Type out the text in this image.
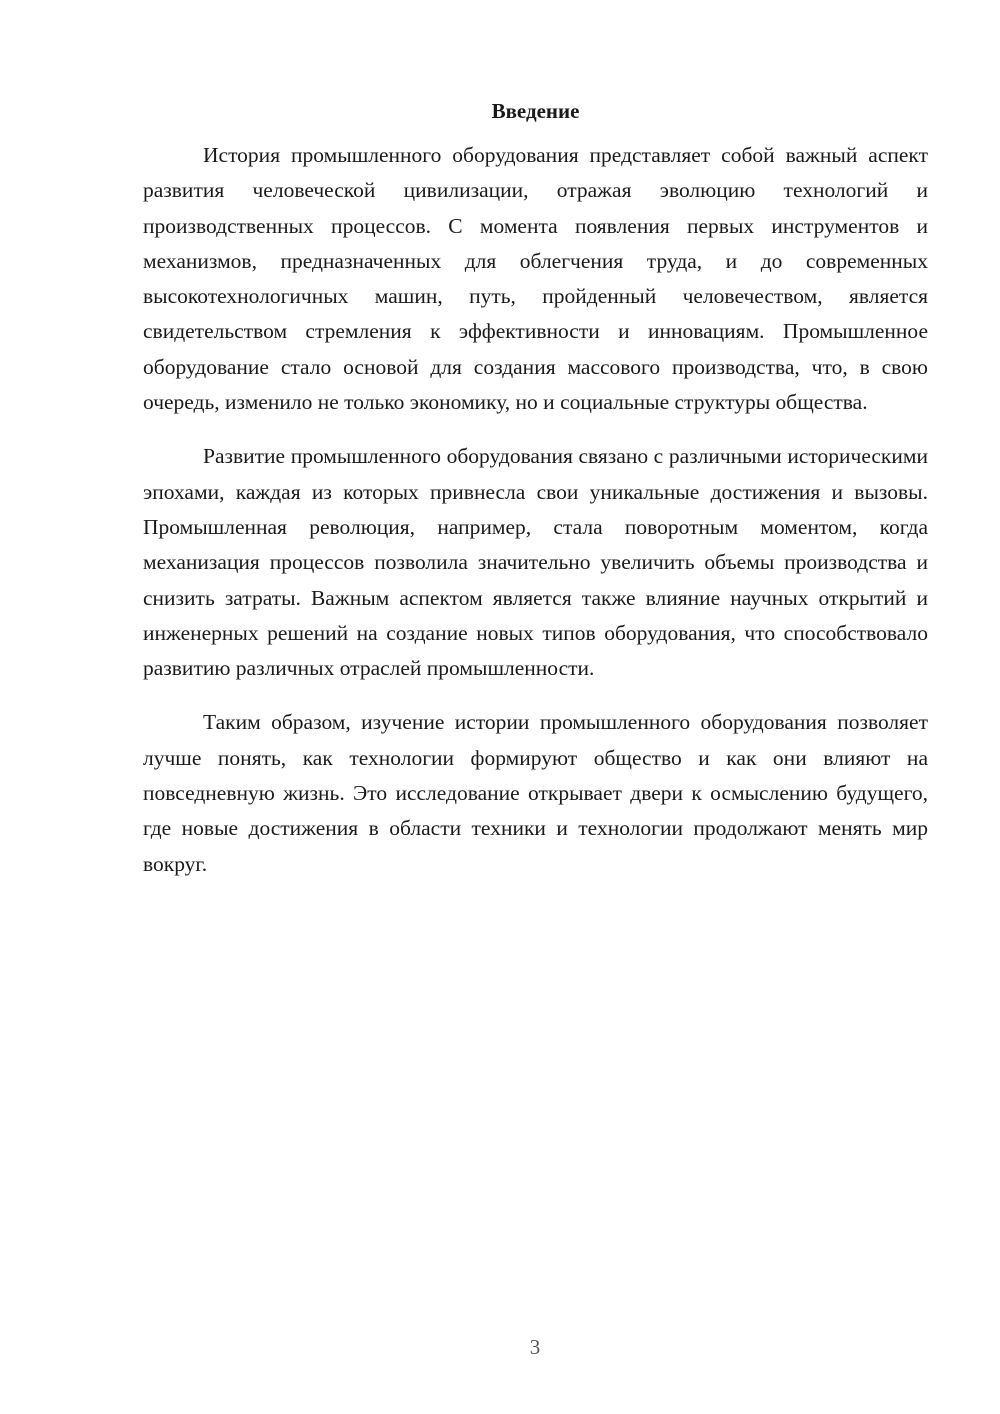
Введение

История промышленного оборудования представляет собой важный аспект развития человеческой цивилизации, отражая эволюцию технологий и производственных процессов. С момента появления первых инструментов и механизмов, предназначенных для облегчения труда, и до современных высокотехнологичных машин, путь, пройденный человечеством, является свидетельством стремления к эффективности и инновациям. Промышленное оборудование стало основой для создания массового производства, что, в свою очередь, изменило не только экономику, но и социальные структуры общества.

Развитие промышленного оборудования связано с различными историческими эпохами, каждая из которых привнесла свои уникальные достижения и вызовы. Промышленная революция, например, стала поворотным моментом, когда механизация процессов позволила значительно увеличить объемы производства и снизить затраты. Важным аспектом является также влияние научных открытий и инженерных решений на создание новых типов оборудования, что способствовало развитию различных отраслей промышленности.

Таким образом, изучение истории промышленного оборудования позволяет лучше понять, как технологии формируют общество и как они влияют на повседневную жизнь. Это исследование открывает двери к осмыслению будущего, где новые достижения в области техники и технологии продолжают менять мир вокруг.

3
